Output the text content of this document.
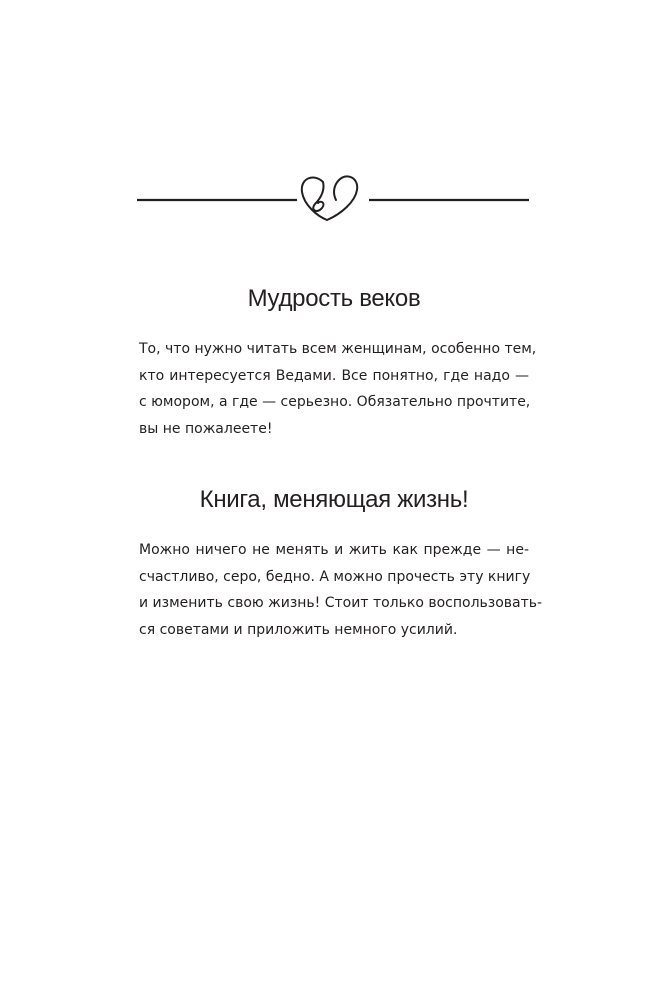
Мудрость веков

То, что нужно читать всем женщинам, особенно тем,
кто интересуется Ведами. Все понятно, где надо —
с юмором, а где — серьезно. Обязательно прочтите,
вы не пожалеете!

Книга, меняющая жизнь!

Можно ничего не менять и жить как прежде — не-
счастливо, серо, бедно. А можно прочесть эту книгу
и изменить свою жизнь! Стоит только воспользовать-
ся советами и приложить немного усилий.
